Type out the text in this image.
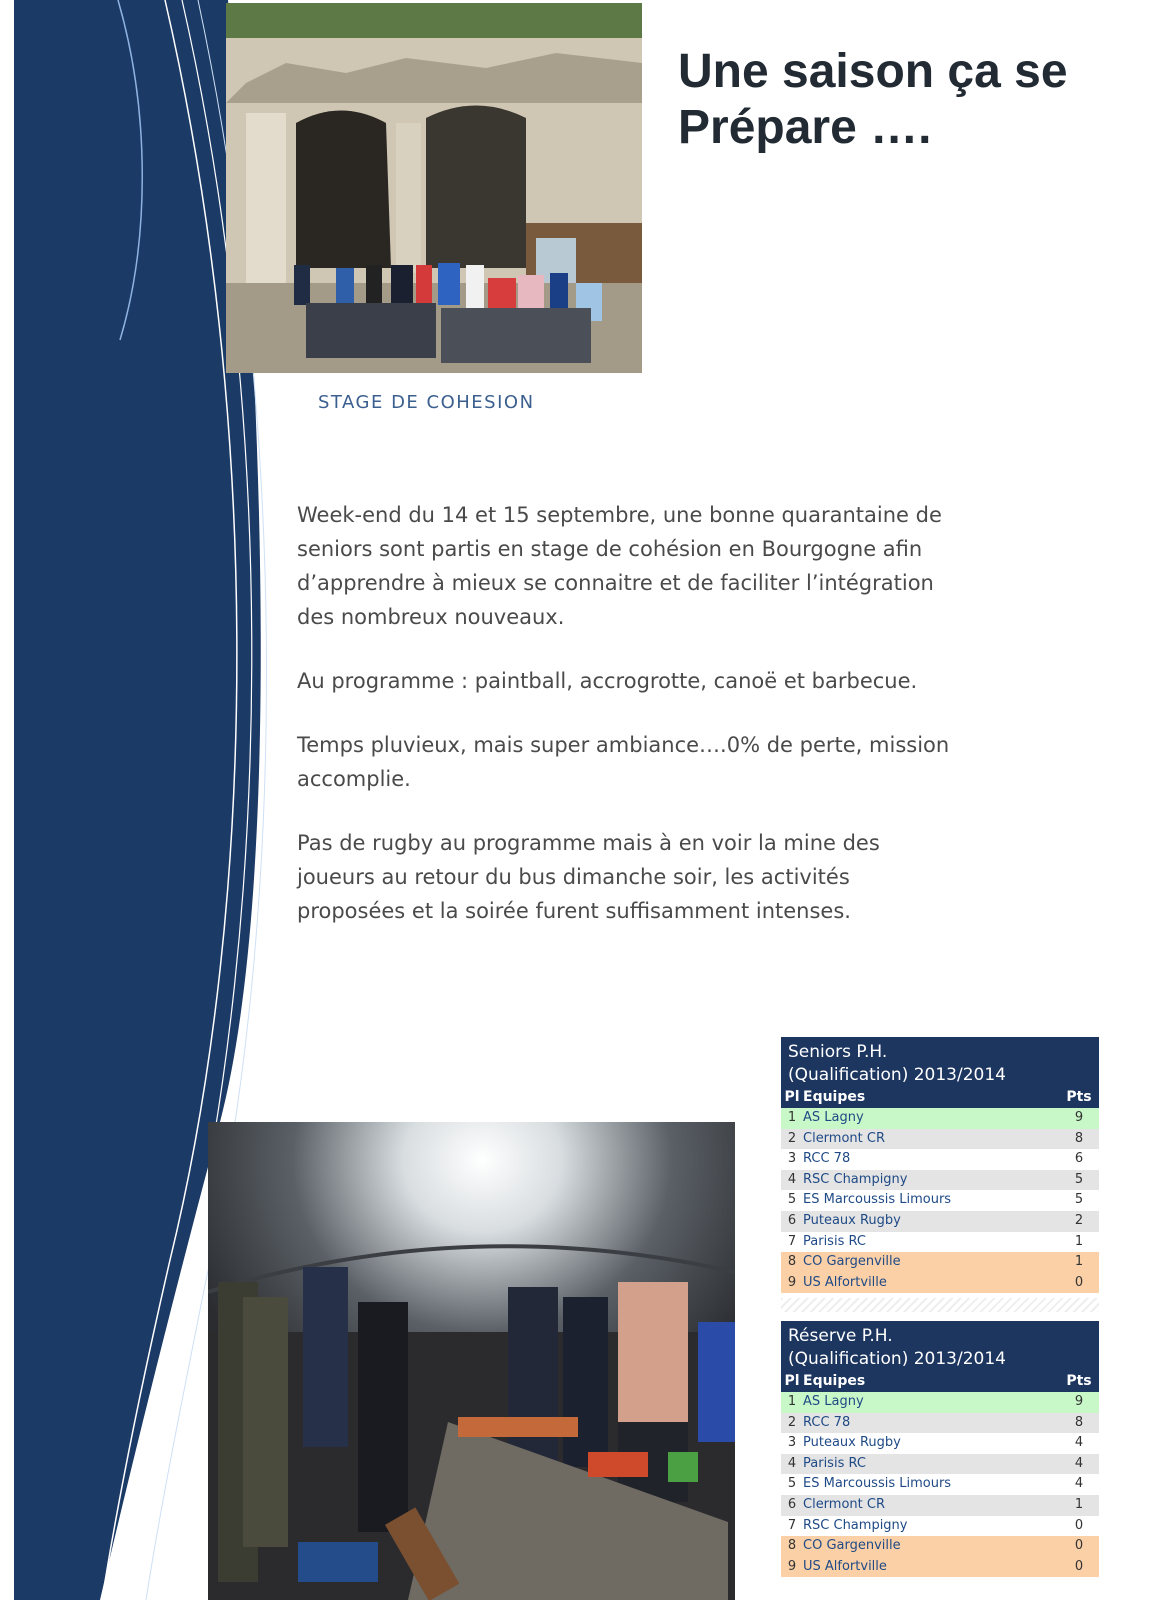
STAGE DE COHESION
Une saison ça se
Prépare ….

Week-end du 14 et 15 septembre, une bonne quarantaine de seniors sont partis en stage de cohésion en Bourgogne afin d’apprendre à mieux se connaitre et de faciliter l’intégration des nombreux nouveaux.

Au programme : paintball, accrogrotte, canoë et barbecue.

Temps pluvieux, mais super ambiance….0% de perte, mission accomplie.

Pas de rugby au programme mais à en voir la mine des joueurs au retour du bus dimanche soir, les activités proposées et la soirée furent suffisamment intenses.

Seniors P.H.
(Qualification) 2013/2014
Pl Equipes	Pts
1 AS Lagny	9
2 Clermont CR	8
3 RCC 78	6
4 RSC Champigny	5
5 ES Marcoussis Limours	5
6 Puteaux Rugby	2
7 Parisis RC	1
8 CO Gargenville	1
9 US Alfortville	0
Réserve P.H.
(Qualification) 2013/2014
Pl Equipes	Pts
1 AS Lagny	9
2 RCC 78	8
3 Puteaux Rugby	4
4 Parisis RC	4
5 ES Marcoussis Limours	4
6 Clermont CR	1
7 RSC Champigny	0
8 CO Gargenville	0
9 US Alfortville	0
